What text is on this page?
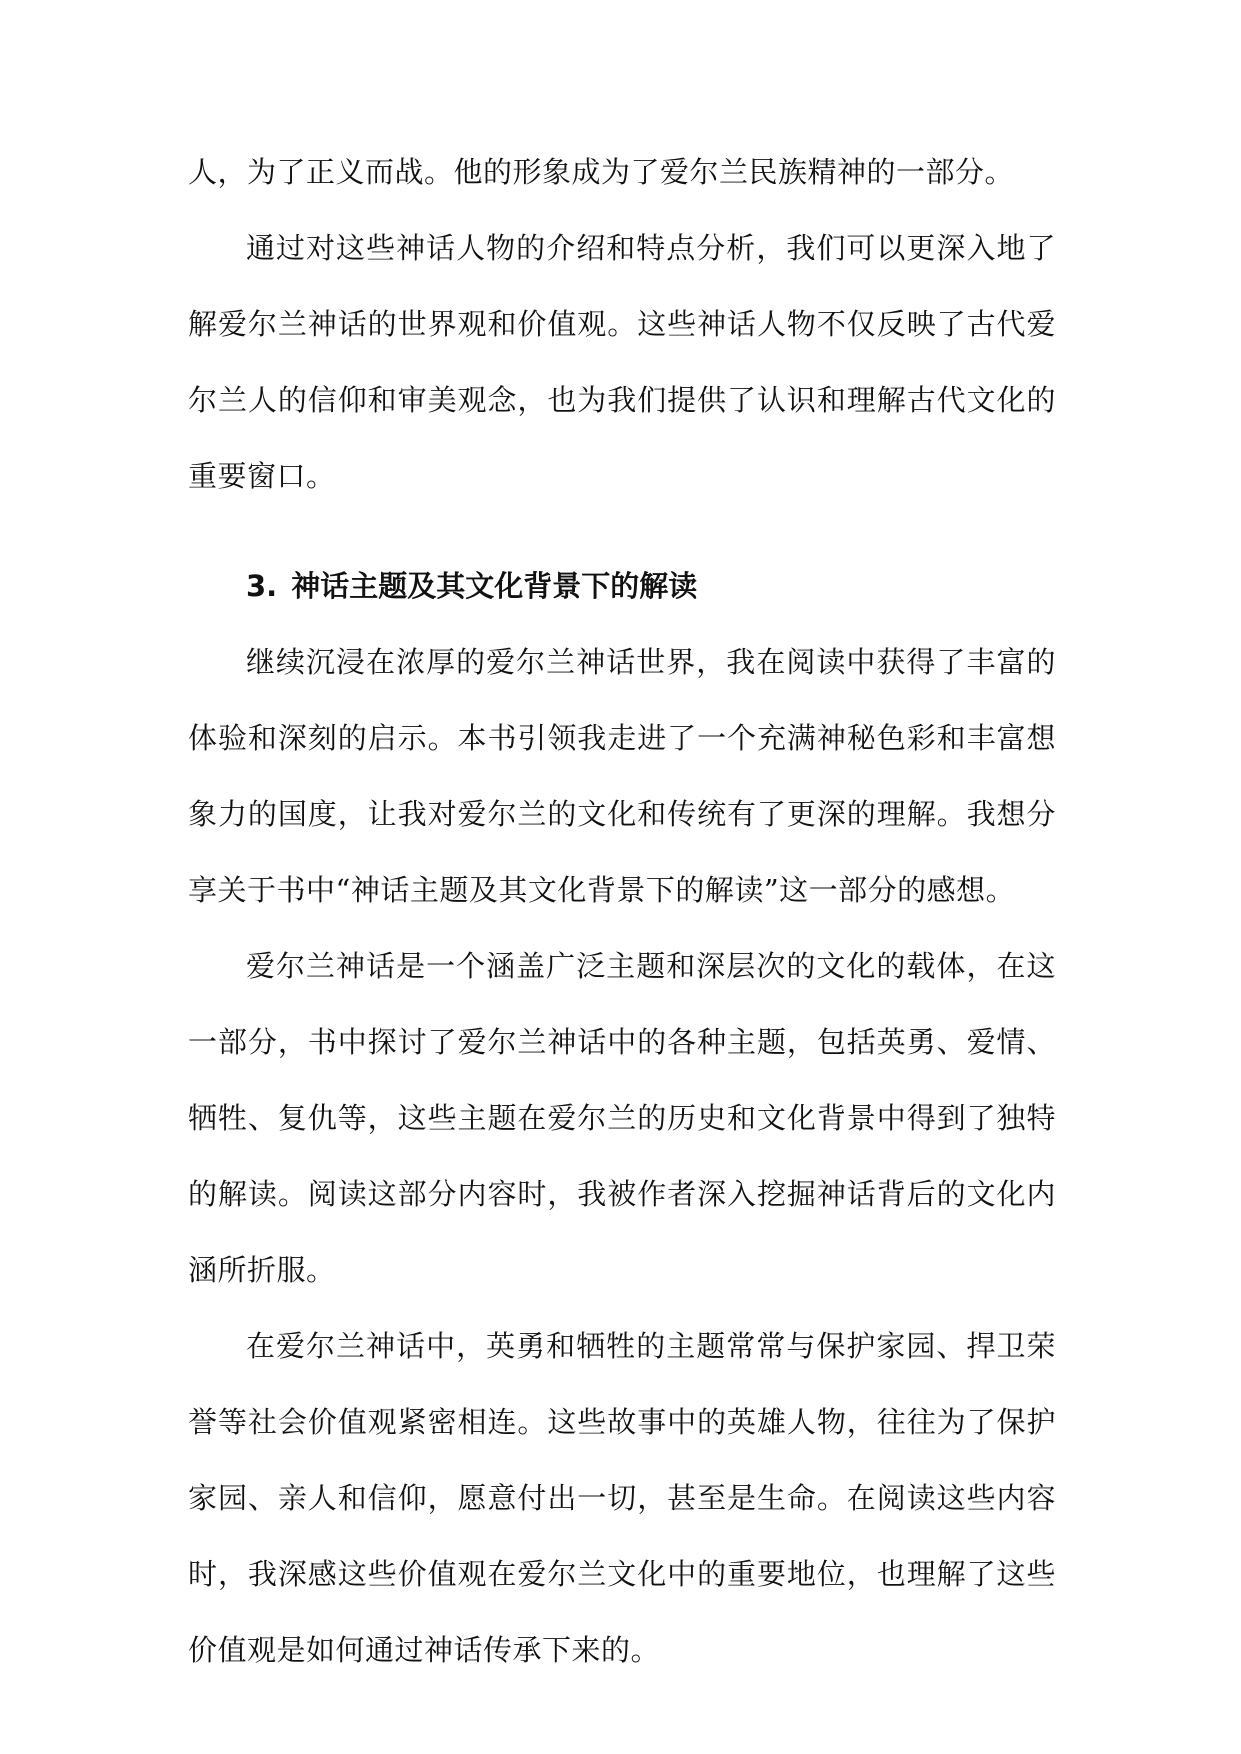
人，为了正义而战。他的形象成为了爱尔兰民族精神的一部分。

通过对这些神话人物的介绍和特点分析，我们可以更深入地了解爱尔兰神话的世界观和价值观。这些神话人物不仅反映了古代爱尔兰人的信仰和审美观念，也为我们提供了认识和理解古代文化的重要窗口。

3. 神话主题及其文化背景下的解读

继续沉浸在浓厚的爱尔兰神话世界，我在阅读中获得了丰富的体验和深刻的启示。本书引领我走进了一个充满神秘色彩和丰富想象力的国度，让我对爱尔兰的文化和传统有了更深的理解。我想分享关于书中“神话主题及其文化背景下的解读”这一部分的感想。

爱尔兰神话是一个涵盖广泛主题和深层次的文化的载体，在这一部分，书中探讨了爱尔兰神话中的各种主题，包括英勇、爱情、牺牲、复仇等，这些主题在爱尔兰的历史和文化背景中得到了独特的解读。阅读这部分内容时，我被作者深入挖掘神话背后的文化内涵所折服。

在爱尔兰神话中，英勇和牺牲的主题常常与保护家园、捍卫荣誉等社会价值观紧密相连。这些故事中的英雄人物，往往为了保护家园、亲人和信仰，愿意付出一切，甚至是生命。在阅读这些内容时，我深感这些价值观在爱尔兰文化中的重要地位，也理解了这些价值观是如何通过神话传承下来的。
